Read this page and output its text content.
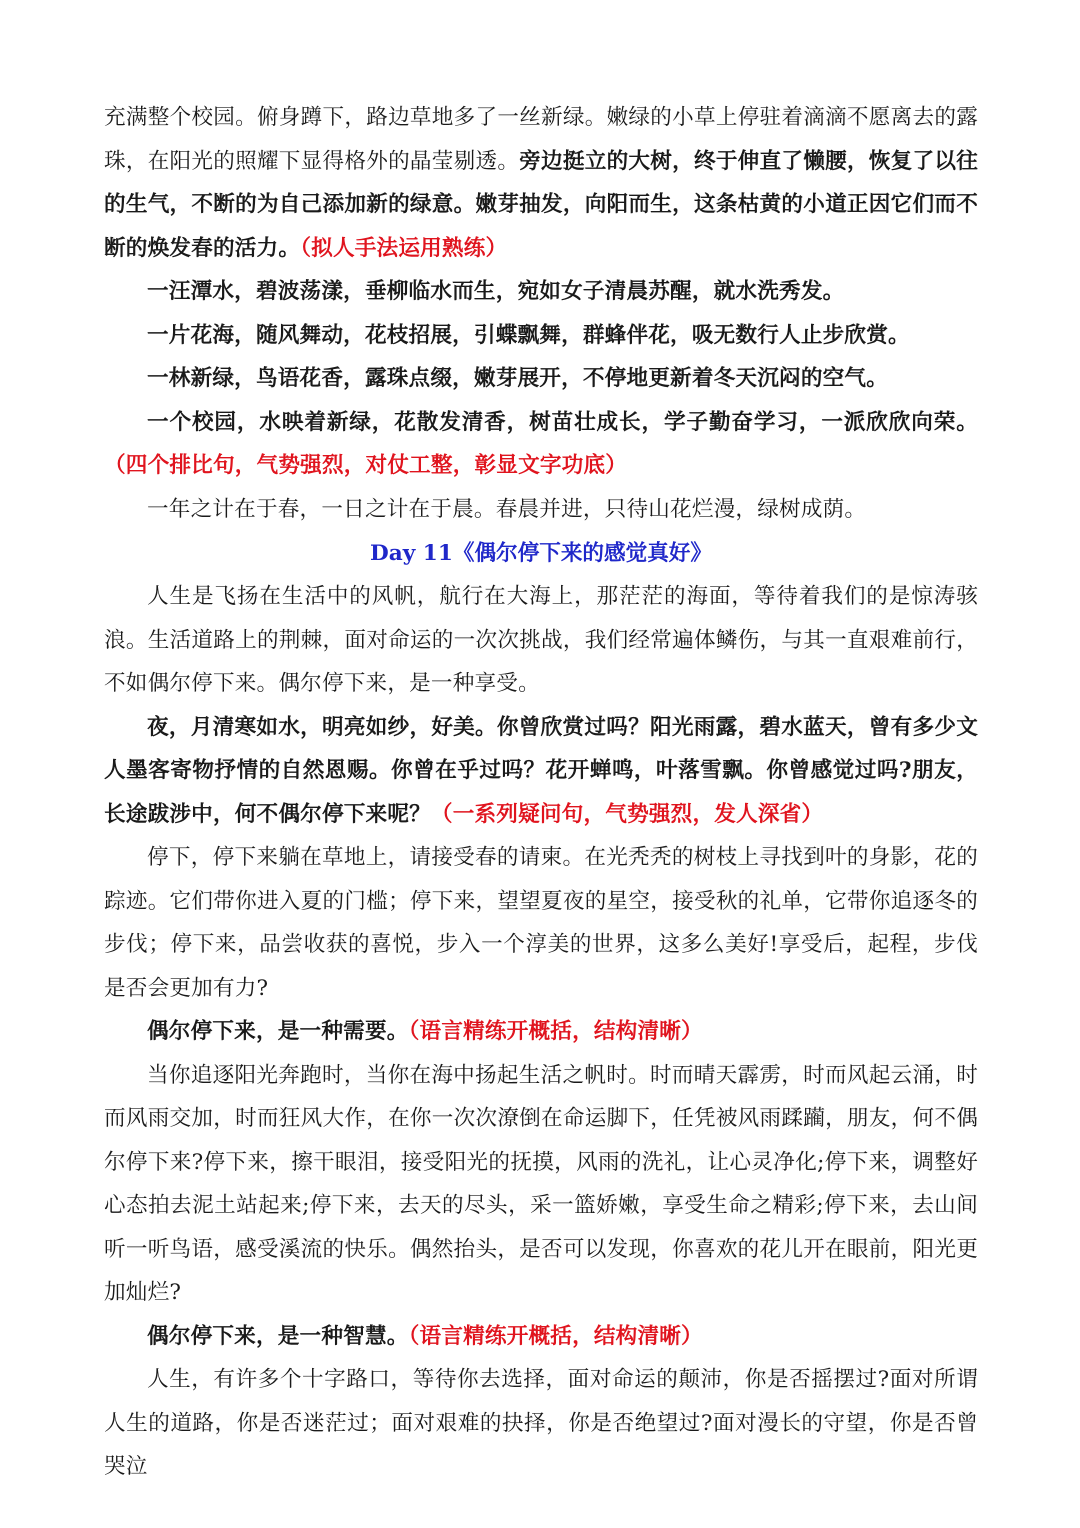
充满整个校园。俯身蹲下，路边草地多了一丝新绿。嫩绿的小草上停驻着滴滴不愿离去的露珠，在阳光的照耀下显得格外的晶莹剔透。旁边挺立的大树，终于伸直了懒腰，恢复了以往的生气，不断的为自己添加新的绿意。嫩芽抽发，向阳而生，这条枯黄的小道正因它们而不断的焕发春的活力。（拟人手法运用熟练）

一汪潭水，碧波荡漾，垂柳临水而生，宛如女子清晨苏醒，就水洗秀发。

一片花海，随风舞动，花枝招展，引蝶飘舞，群蜂伴花，吸无数行人止步欣赏。

一林新绿，鸟语花香，露珠点缀，嫩芽展开，不停地更新着冬天沉闷的空气。

一个校园，水映着新绿，花散发清香，树苗壮成长，学子勤奋学习，一派欣欣向荣。（四个排比句，气势强烈，对仗工整，彰显文字功底）

一年之计在于春，一日之计在于晨。春晨并进，只待山花烂漫，绿树成荫。

Day 11《偶尔停下来的感觉真好》

人生是飞扬在生活中的风帆，航行在大海上，那茫茫的海面，等待着我们的是惊涛骇浪。生活道路上的荆棘，面对命运的一次次挑战，我们经常遍体鳞伤，与其一直艰难前行，不如偶尔停下来。偶尔停下来，是一种享受。

夜，月清寒如水，明亮如纱，好美。你曾欣赏过吗？阳光雨露，碧水蓝天，曾有多少文人墨客寄物抒情的自然恩赐。你曾在乎过吗？花开蝉鸣，叶落雪飘。你曾感觉过吗?朋友，长途跋涉中，何不偶尔停下来呢？（一系列疑问句，气势强烈，发人深省）

停下，停下来躺在草地上，请接受春的请柬。在光秃秃的树枝上寻找到叶的身影，花的踪迹。它们带你进入夏的门槛；停下来，望望夏夜的星空，接受秋的礼单，它带你追逐冬的步伐；停下来，品尝收获的喜悦，步入一个淳美的世界，这多么美好!享受后，起程，步伐是否会更加有力?

偶尔停下来，是一种需要。（语言精练开概括，结构清晰）

当你追逐阳光奔跑时，当你在海中扬起生活之帆时。时而晴天霹雳，时而风起云涌，时而风雨交加，时而狂风大作，在你一次次潦倒在命运脚下，任凭被风雨蹂躏，朋友，何不偶尔停下来?停下来，擦干眼泪，接受阳光的抚摸，风雨的洗礼，让心灵净化;停下来，调整好心态拍去泥土站起来;停下来，去天的尽头，采一篮娇嫩，享受生命之精彩;停下来，去山间听一听鸟语，感受溪流的快乐。偶然抬头，是否可以发现，你喜欢的花儿开在眼前，阳光更加灿烂?

偶尔停下来，是一种智慧。（语言精练开概括，结构清晰）

人生，有许多个十字路口，等待你去选择，面对命运的颠沛，你是否摇摆过?面对所谓人生的道路，你是否迷茫过；面对艰难的抉择，你是否绝望过?面对漫长的守望，你是否曾哭泣
